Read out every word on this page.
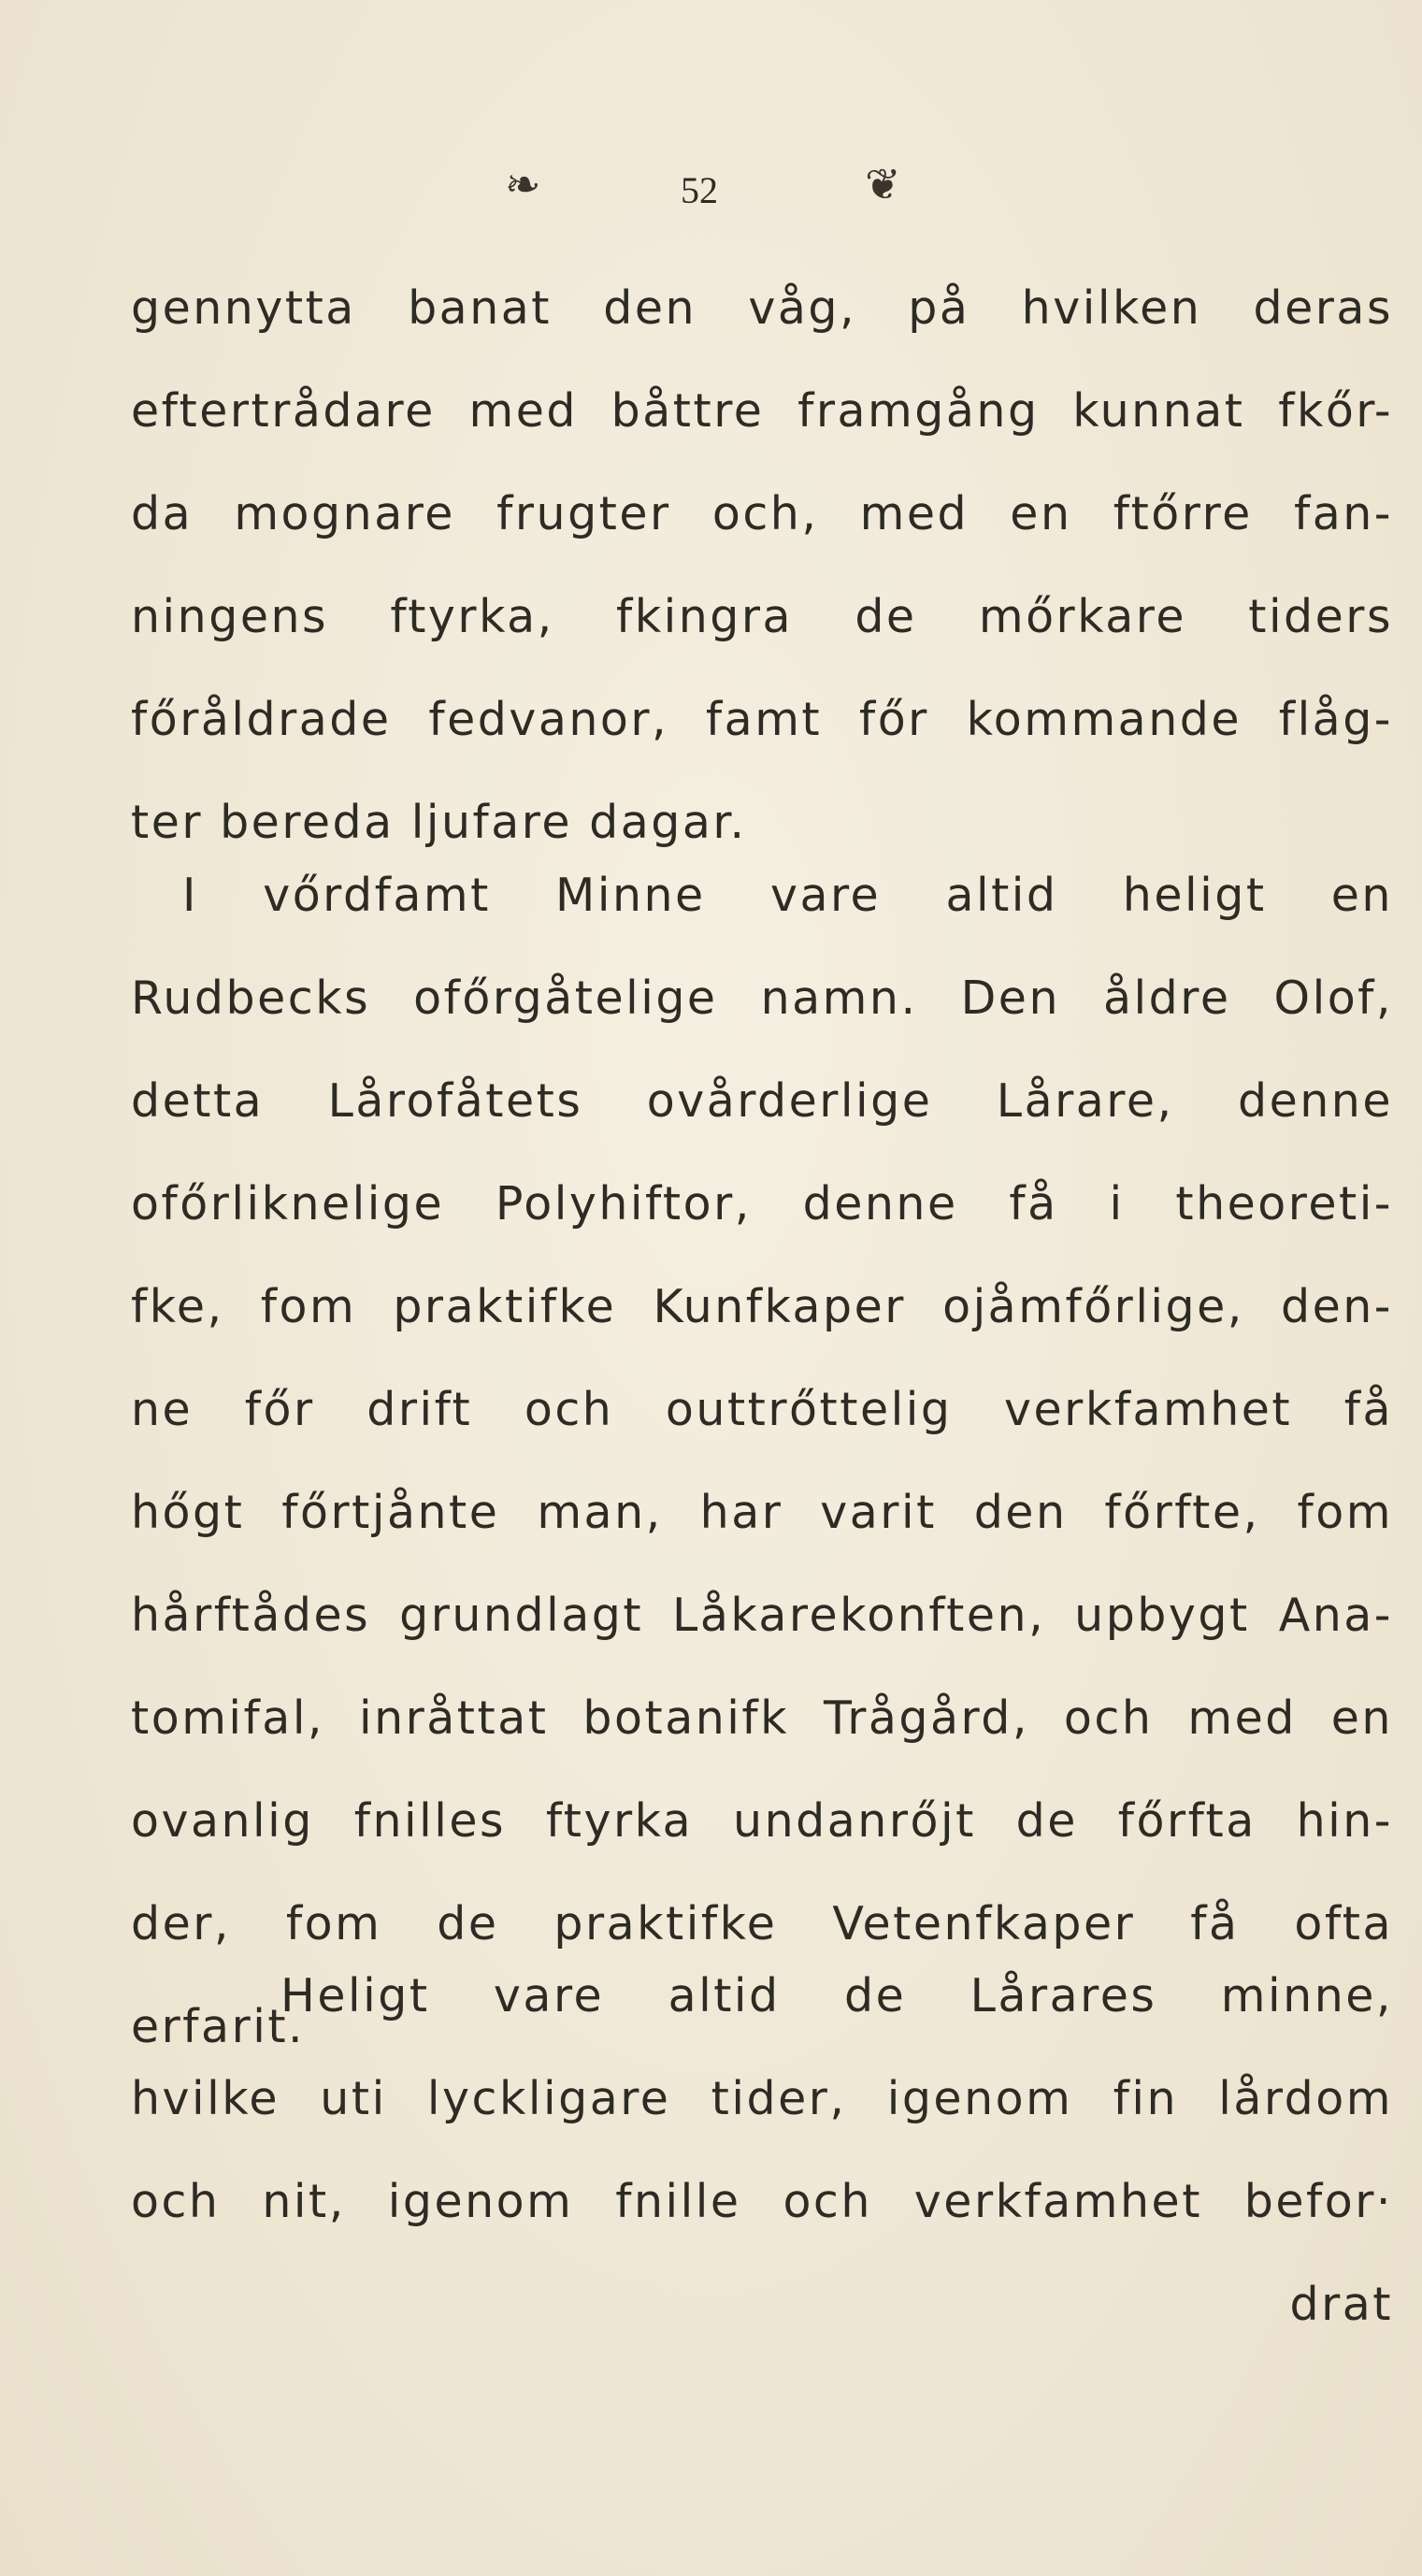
❧	52	❦
gennytta banat den våg, på hvilken deras
eftertrådare med båttre framgång kunnat fkőr-
da mognare frugter och, med en ftőrre fan-
ningens ftyrka, fkingra de mőrkare tiders
főråldrade fedvanor, famt főr kommande flåg-
ter bereda ljufare dagar.
I vőrdfamt Minne vare altid heligt en
Rudbecks ofőrgåtelige namn. Den åldre Olof,
detta Lårofåtets ovårderlige Lårare, denne
ofőrliknelige Polyhiftor, denne få i theoreti-
fke, fom praktifke Kunfkaper ojåmfőrlige, den-
ne főr drift och outtrőttelig verkfamhet få
hőgt főrtjånte man, har varit den főrfte, fom
hårftådes grundlagt Låkarekonften, upbygt Ana-
tomifal, inråttat botanifk Trågård, och med en
ovanlig fnilles ftyrka undanrőjt de főrfta hin-
der, fom de praktifke Vetenfkaper få ofta
erfarit.
Heligt vare altid de Lårares minne,
hvilke uti lyckligare tider, igenom fin lårdom
och nit, igenom fnille och verkfamhet befor·
drat
